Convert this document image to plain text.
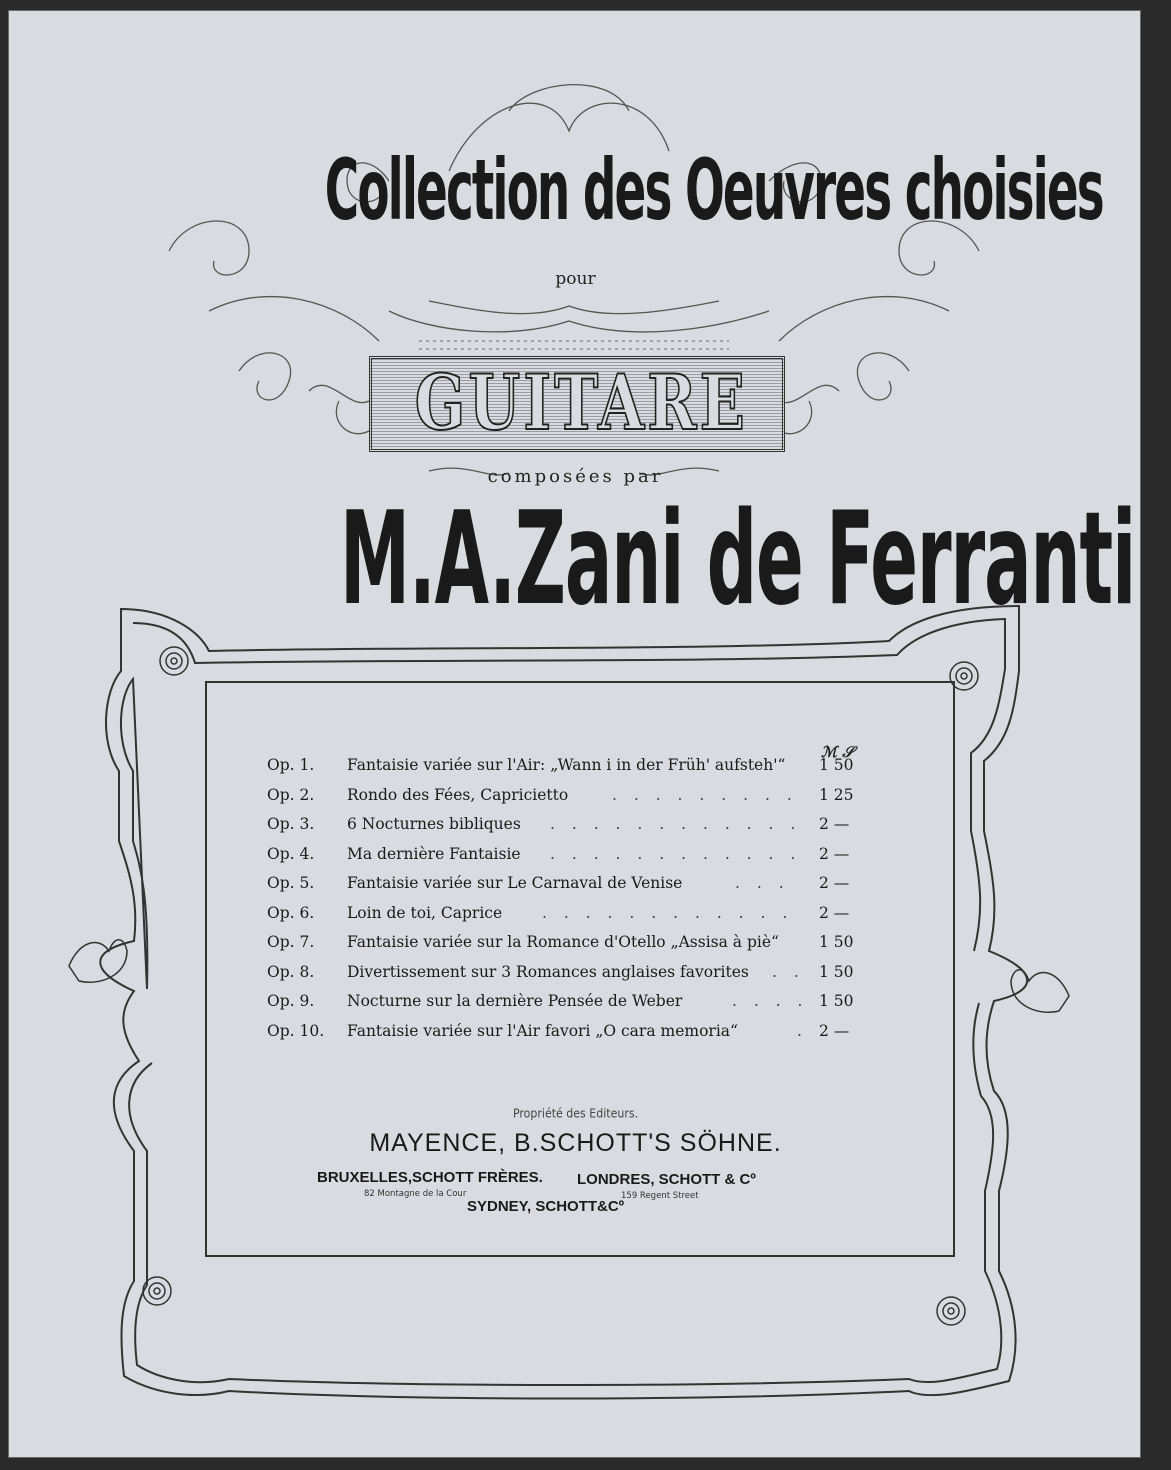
Collection des Oeuvres choisies
pour
GUITARE
composées par
M.A.Zani de Ferranti
ℳ 𝒮
Op. 1. Fantaisie variée sur l'Air: „Wann i in der Früh' aufsteh'“ 1 50
Op. 2. Rondo des Fées, Capricietto	. . . . . . . . . 1 25
Op. 3. 6 Nocturnes bibliques . . . . . . . . . . . . 2 —
Op. 4. Ma dernière Fantaisie . . . . . . . . . . . . 2 —
Op. 5. Fantaisie variée sur Le Carnaval de Venise	. . . 2 —
Op. 6. Loin de toi, Caprice	. . . . . . . . . . . . 2 —
Op. 7. Fantaisie variée sur la Romance d'Otello „Assisa à piè“	1 50
Op. 8. Divertissement sur 3 Romances anglaises favorites . . 1 50
Op. 9. Nocturne sur la dernière Pensée de Weber	. . . . 1 50
Op. 10. Fantaisie variée sur l'Air favori „O cara memoria“	. 2 —
Propriété des Editeurs.
MAYENCE, B.SCHOTT'S SÖHNE.
BRUXELLES,SCHOTT FRÈRES.
82 Montagne de la Cour
LONDRES, SCHOTT & Cº
159 Regent Street
SYDNEY, SCHOTT&Cº
